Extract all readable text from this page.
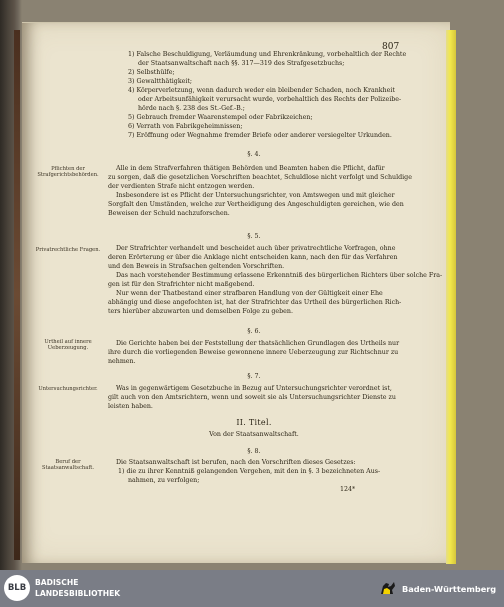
807
1) Falsche Beschuldigung, Verläumdung und Ehrenkränkung, vorbehaltlich der Rechte
der Staatsanwaltschaft nach §§. 317—319 des Strafgesetzbuchs;
2) Selbsthülfe;
3) Gewaltthätigkeit;
4) Körperverletzung, wenn dadurch weder ein bleibender Schaden, noch Krankheit
oder Arbeitsunfähigkeit verursacht wurde, vorbehaltlich des Rechts der Polizeibe-
hörde nach §. 238 des St.-Gef.-B.;
5) Gebrauch fremder Waarenstempel oder Fabrikzeichen;
6) Verrath von Fabrikgeheimnissen;
7) Eröffnung oder Wegnahme fremder Briefe oder anderer versiegelter Urkunden.
§. 4.
Alle in dem Strafverfahren thätigen Behörden und Beamten haben die Pflicht, dafür
zu sorgen, daß die gesetzlichen Vorschriften beachtet, Schuldlose nicht verfolgt und Schuldige
der verdienten Strafe nicht entzogen werden.
Insbesondere ist es Pflicht der Untersuchungsrichter, von Amtswegen und mit gleicher
Sorgfalt den Umständen, welche zur Vertheidigung des Angeschuldigten gereichen, wie den
Beweisen der Schuld nachzuforschen.
Pflichten der Strafgerichtsbehörden.
§. 5.
Der Strafrichter verhandelt und bescheidet auch über privatrechtliche Vorfragen, ohne
deren Erörterung er über die Anklage nicht entscheiden kann, nach den für das Verfahren
und den Beweis in Strafsachen geltenden Vorschriften.
Das nach vorstehender Bestimmung erlassene Erkenntniß des bürgerlichen Richters über solche Fra-
gen ist für den Strafrichter nicht maßgebend.
Nur wenn der Thatbestand einer strafbaren Handlung von der Gültigkeit einer Ehe
abhängig und diese angefochten ist, hat der Strafrichter das Urtheil des bürgerlichen Rich-
ters hierüber abzuwarten und demselben Folge zu geben.
Privatrechtliche Fragen.
§. 6.
Die Gerichte haben bei der Feststellung der thatsächlichen Grundlagen des Urtheils nur
ihre durch die vorliegenden Beweise gewonnene innere Ueberzeugung zur Richtschnur zu
nehmen.
Urtheil auf innere Ueberzeugung.
§. 7.
Was in gegenwärtigem Gesetzbuche in Bezug auf Untersuchungsrichter verordnet ist,
gilt auch von den Amtsrichtern, wenn und soweit sie als Untersuchungsrichter Dienste zu
leisten haben.
Untersuchungsrichter.
II. Titel.
Von der Staatsanwaltschaft.
§. 8.
Die Staatsanwaltschaft ist berufen, nach den Vorschriften dieses Gesetzes:
1) die zu ihrer Kenntniß gelangenden Vergehen, mit den in §. 3 bezeichneten Aus-
nahmen, zu verfolgen;
Beruf der Staatsanwaltschaft.
124*
BLB
BADISCHE
LANDESBIBLIOTHEK	Baden-Württemberg
